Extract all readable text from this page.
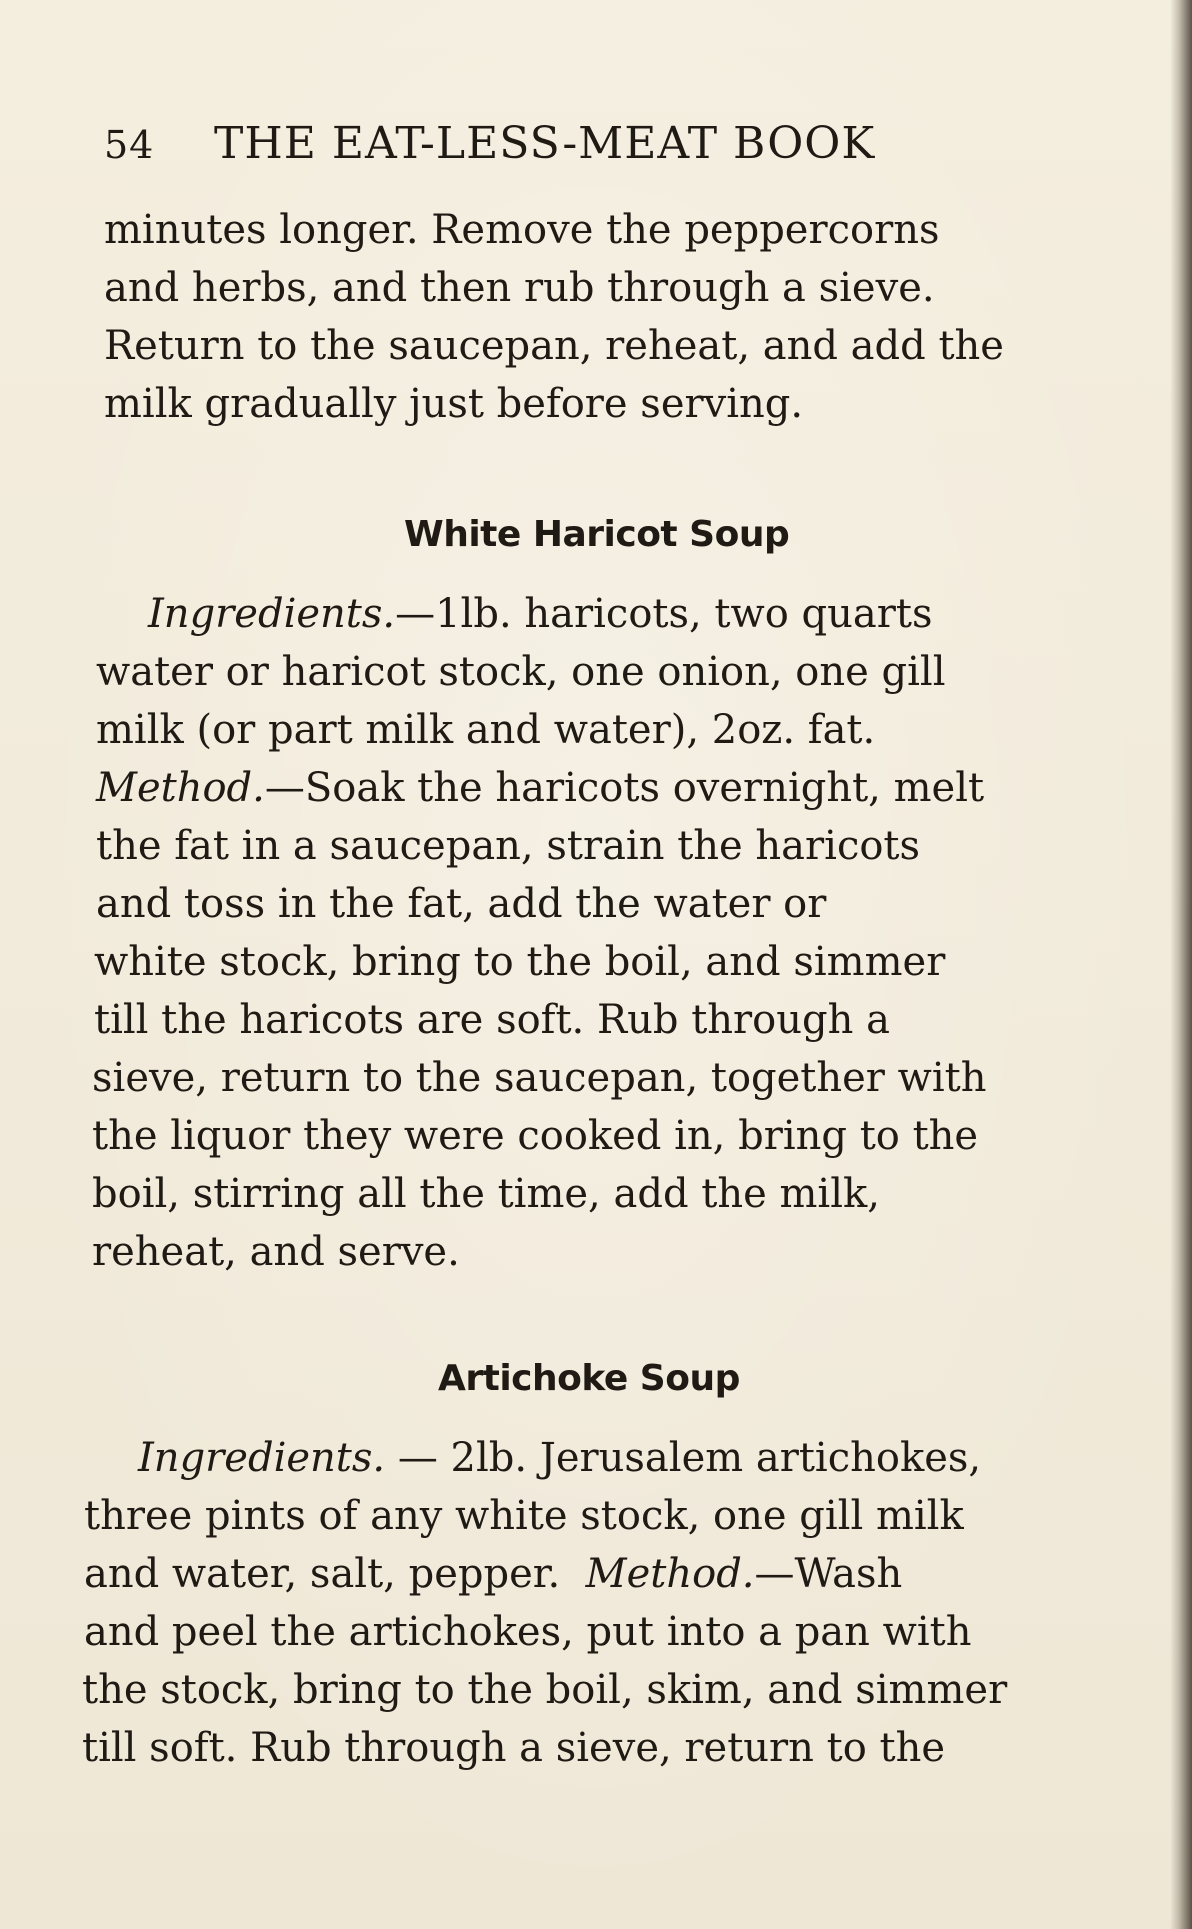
54 THE EAT-LESS-MEAT BOOK
minutes longer. Remove the peppercorns
and herbs, and then rub through a sieve.
Return to the saucepan, reheat, and add the
milk gradually just before serving.
White Haricot Soup
Ingredients.—1lb. haricots, two quarts
water or haricot stock, one onion, one gill
milk (or part milk and water), 2oz. fat.
Method.—Soak the haricots overnight, melt
the fat in a saucepan, strain the haricots
and toss in the fat, add the water or
white stock, bring to the boil, and simmer
till the haricots are soft. Rub through a
sieve, return to the saucepan, together with
the liquor they were cooked in, bring to the
boil, stirring all the time, add the milk,
reheat, and serve.
Artichoke Soup
Ingredients. — 2lb. Jerusalem artichokes,
three pints of any white stock, one gill milk
and water, salt, pepper. Method.—Wash
and peel the artichokes, put into a pan with
the stock, bring to the boil, skim, and simmer
till soft. Rub through a sieve, return to the
